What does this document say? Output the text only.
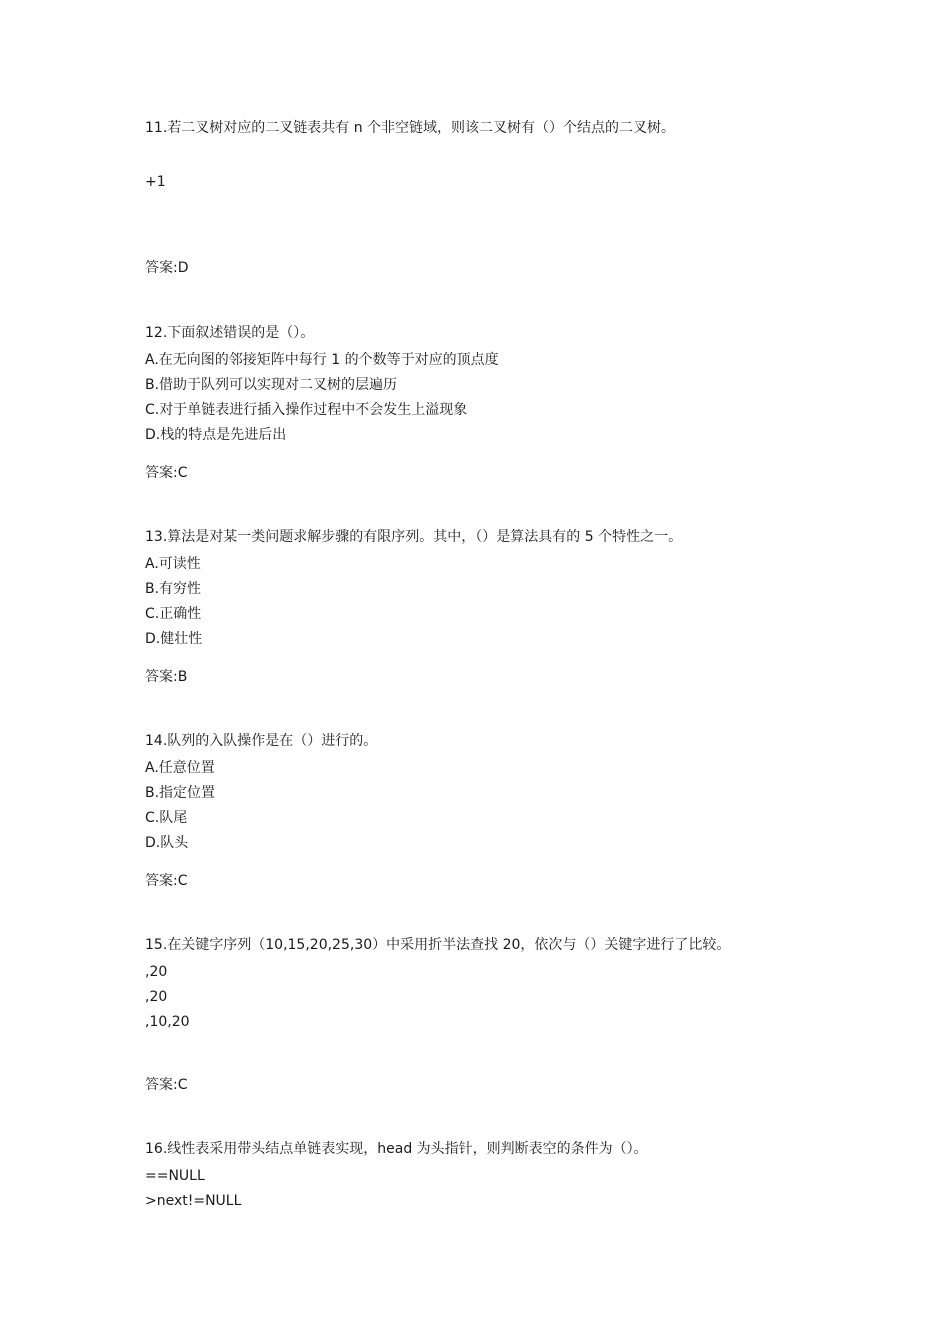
11.若二叉树对应的二叉链表共有 n 个非空链域，则该二叉树有（）个结点的二叉树。
+1
答案:D
12.下面叙述错误的是（）。
A.在无向图的邻接矩阵中每行 1 的个数等于对应的顶点度
B.借助于队列可以实现对二叉树的层遍历
C.对于单链表进行插入操作过程中不会发生上溢现象
D.栈的特点是先进后出
答案:C
13.算法是对某一类问题求解步骤的有限序列。其中，（）是算法具有的 5 个特性之一。
A.可读性
B.有穷性
C.正确性
D.健壮性
答案:B
14.队列的入队操作是在（）进行的。
A.任意位置
B.指定位置
C.队尾
D.队头
答案:C
15.在关键字序列（10,15,20,25,30）中采用折半法查找 20，依次与（）关键字进行了比较。
,20
,20
,10,20
答案:C
16.线性表采用带头结点单链表实现，head 为头指针，则判断表空的条件为（）。
==NULL
>next!=NULL
